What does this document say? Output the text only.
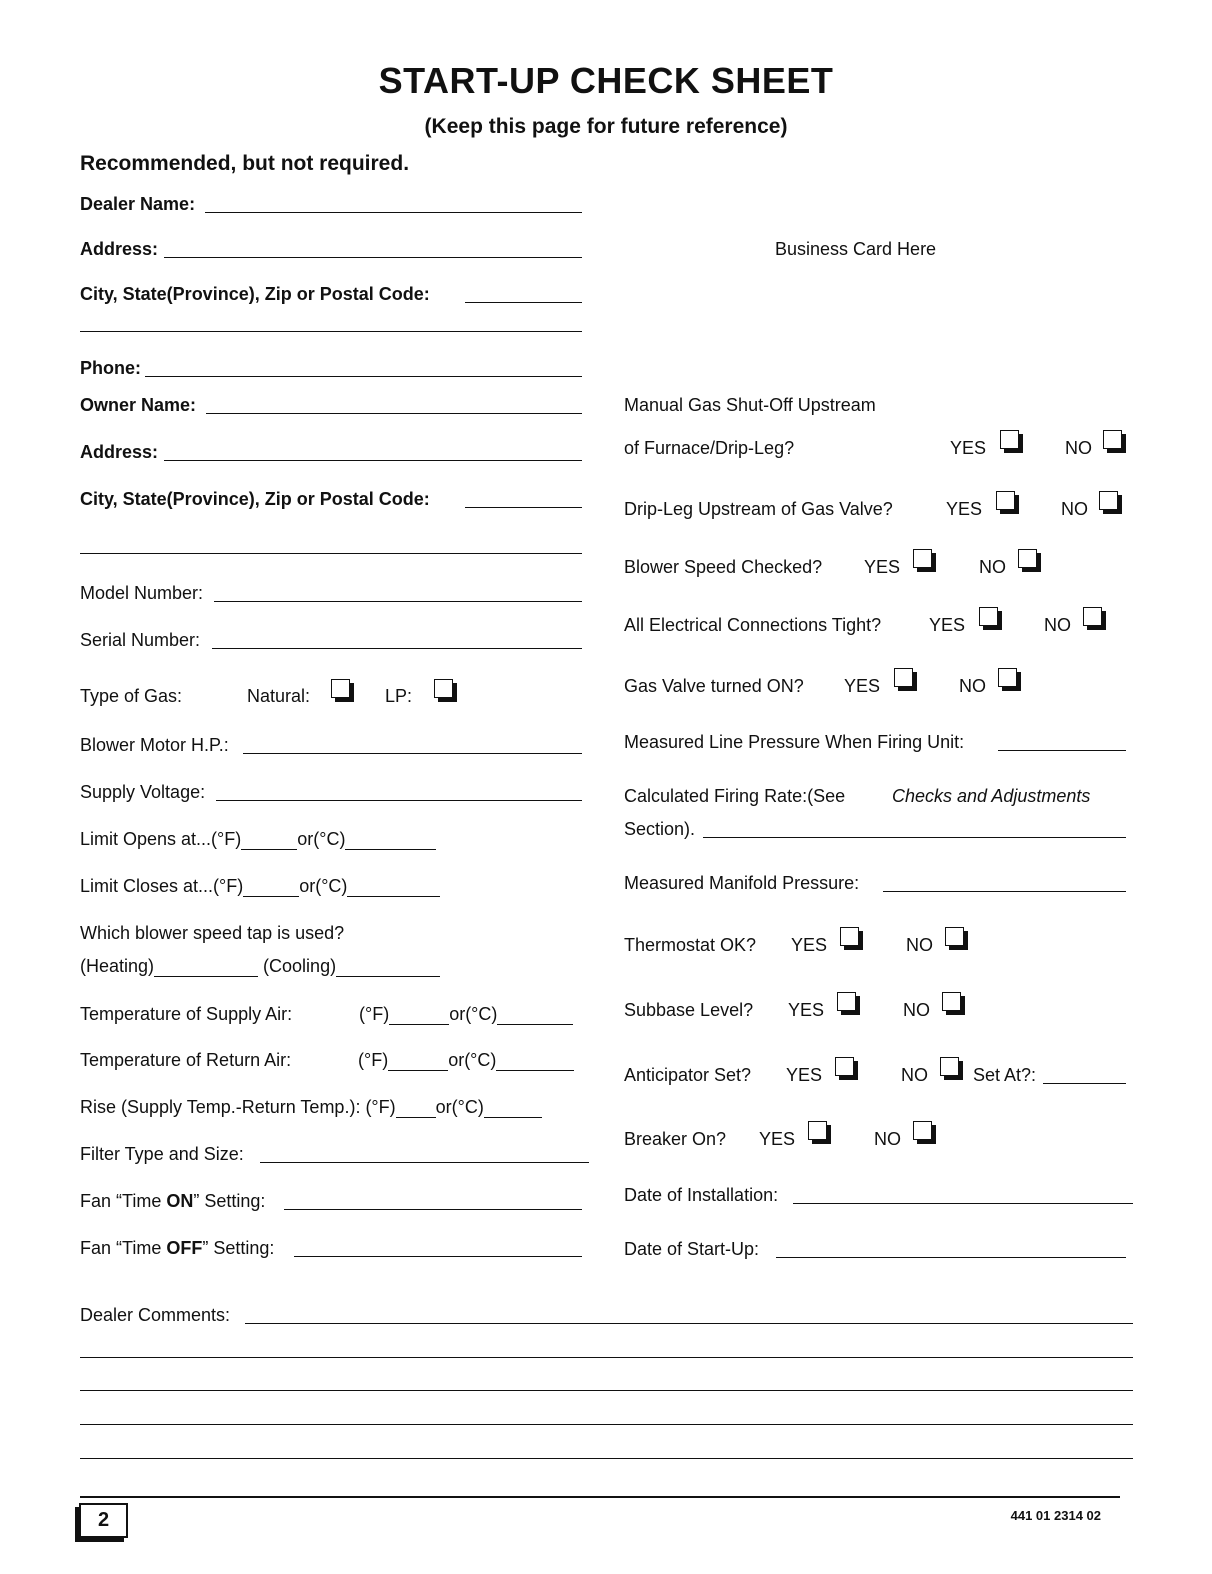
START-UP CHECK SHEET
(Keep this page for future reference)
Recommended, but not required.
Dealer Name:
Address:
City, State(Province), Zip or Postal Code:
Phone:
Owner Name:
Address:
City, State(Province), Zip or Postal Code:
Model Number:
Serial Number:
Type of Gas:	Natural:	LP:
Blower Motor H.P.:
Supply Voltage:
Limit Opens at...(°F)	or(°C)
Limit Closes at...(°F)	or(°C)
Which blower speed tap is used?
(Heating)	(Cooling)
Temperature of Supply Air:	(°F)	or(°C)
Temperature of Return Air:	(°F)	or(°C)
Rise (Supply Temp.-Return Temp.): (°F) or(°C)
Filter Type and Size:
Fan “Time ON” Setting:
Fan “Time OFF” Setting:
Business Card Here
Manual Gas Shut-Off Upstream
of Furnace/Drip-Leg?	YES	NO
Drip-Leg Upstream of Gas Valve?	YES	NO
Blower Speed Checked? YES	NO
All Electrical Connections Tight?	YES	NO
Gas Valve turned ON? YES	NO
Measured Line Pressure When Firing Unit:
Calculated Firing Rate:(See	Checks and Adjustments
Section).
Measured Manifold Pressure:
Thermostat OK? YES	NO
Subbase Level? YES	NO
Anticipator Set? YES	NO	Set At?:
Breaker On? YES	NO
Date of Installation:
Date of Start-Up:
Dealer Comments:
2	441 01 2314 02
